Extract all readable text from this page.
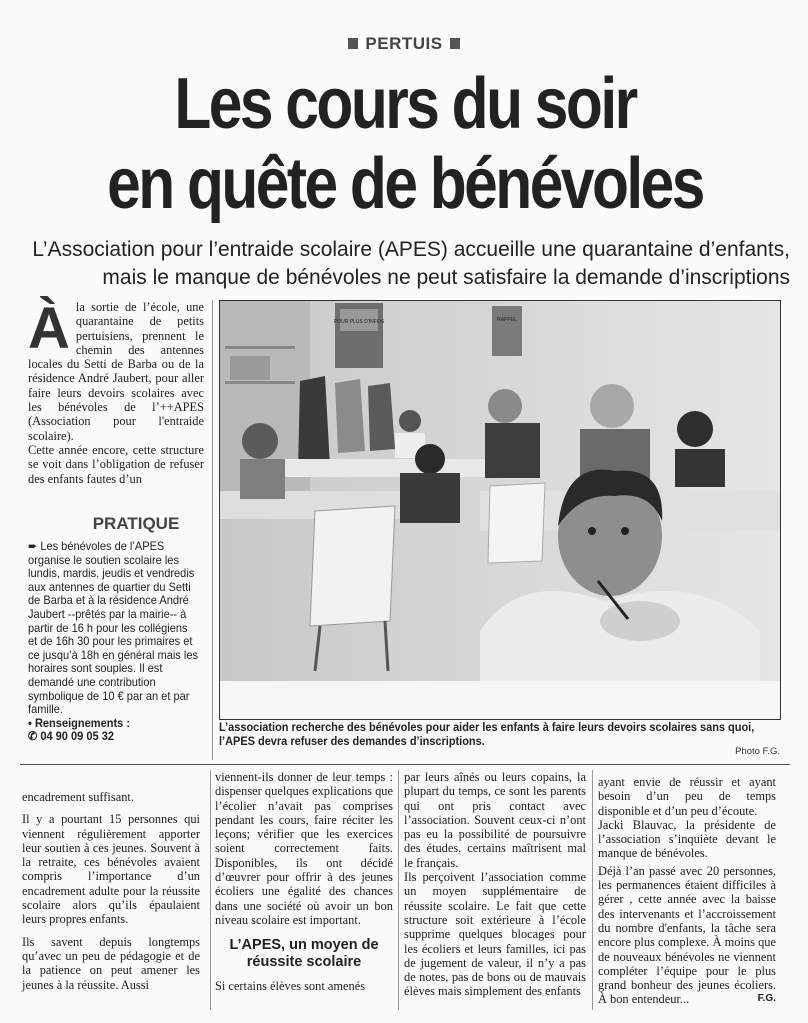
PERTUIS
Les cours du soir
en quête de bénévoles
L’Association pour l’entraide scolaire (APES) accueille une quarantaine d’enfants,
mais le manque de bénévoles ne peut satisfaire la demande d’inscriptions
À la sortie de l’école, une quarantaine de petits pertuisiens, prennent le chemin des antennes locales du Setti de Barba ou de la résidence André Jaubert, pour aller faire leurs devoirs scolaires avec les bénévoles de l’++APES (Association pour l'entraide scolaire).

Cette année encore, cette structure se voit dans l’obligation de refuser des enfants fautes d’un

PRATIQUE
➨ Les bénévoles de l’APES organise le soutien scolaire les lundis, mardis, jeudis et vendredis aux antennes de quartier du Setti de Barba et à la résidence André Jaubert --prêtés par la mairie-- à partir de 16 h pour les collégiens et de 16h 30 pour les primaires et ce jusqu’à 18h en général mais les horaires sont souples. Il est demandé une contribution symbolique de 10 € par an et par famille.
• Renseignements :
✆ 04 90 09 05 32
POUR PLUS D'INFOS	RAPPEL
L’association recherche des bénévoles pour aider les enfants à faire leurs devoirs scolaires sans quoi,
l’APES devra refuser des demandes d’inscriptions.
Photo F.G.

encadrement suffisant.

Il y a pourtant 15 personnes qui viennent régulièrement apporter leur soutien à ces jeunes. Souvent à la retraite, ces bénévoles avaient compris l’importance d’un encadrement adulte pour la réussite scolaire alors qu’ils épaulaient leurs propres enfants.

Ils savent depuis longtemps qu’avec un peu de pédagogie et de la patience on peut amener les jeunes à la réussite. Aussi

viennent-ils donner de leur temps : dispenser quelques explications que l’écolier n’avait pas comprises pendant les cours, faire réciter les leçons; vérifier que les exercices soient correctement faits. Disponibles, ils ont décidé d’œuvrer pour offrir à des jeunes écoliers une égalité des chances dans une société où avoir un bon niveau scolaire est important.

L’APES, un moyen de réussite scolaire

Si certains élèves sont amenés

par leurs aînés ou leurs copains, la plupart du temps, ce sont les parents qui ont pris contact avec l’association. Souvent ceux-ci n’ont pas eu la possibilité de poursuivre des études, certains maîtrisent mal le français.

Ils perçoivent l’association comme un moyen supplémentaire de réussite scolaire. Le fait que cette structure soit extérieure à l’école supprime quelques blocages pour les écoliers et leurs familles, ici pas de jugement de valeur, il n’y a pas de notes, pas de bons ou de mauvais élèves mais simplement des enfants

ayant envie de réussir et ayant besoin d’un peu de temps disponible et d’un peu d’écoute.

Jacki Blauvac, la présidente de l’association s’inquiète devant le manque de bénévoles.

Déjà l’an passé avec 20 personnes, les permanences étaient difficiles à gérer , cette année avec la baisse des intervenants et l’accroissement du nombre d'enfants, la tâche sera encore plus complexe. À moins que de nouveaux bénévoles ne viennent compléter l’équipe pour le plus grand bonheur des jeunes écoliers. À bon entendeur...	F.G.
